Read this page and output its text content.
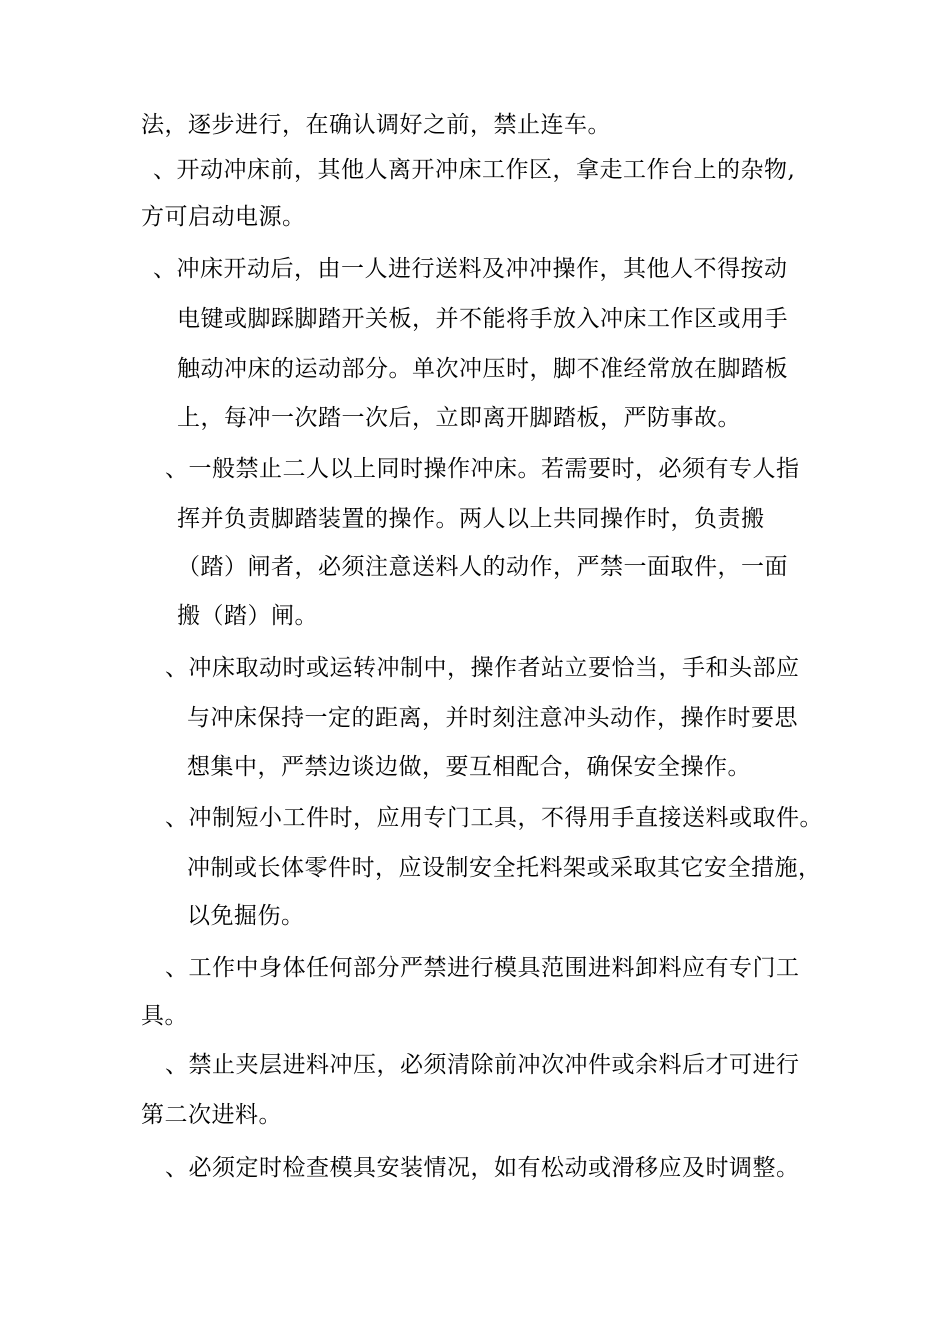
法，逐步进行，在确认调好之前，禁止连车。
、开动冲床前，其他人离开冲床工作区，拿走工作台上的杂物,
方可启动电源。
、冲床开动后，由一人进行送料及冲冲操作，其他人不得按动
电键或脚踩脚踏开关板，并不能将手放入冲床工作区或用手
触动冲床的运动部分。单次冲压时，脚不准经常放在脚踏板
上，每冲一次踏一次后，立即离开脚踏板，严防事故。
、一般禁止二人以上同时操作冲床。若需要时，必须有专人指
挥并负责脚踏装置的操作。两人以上共同操作时，负责搬
（踏）闸者，必须注意送料人的动作，严禁一面取件，一面
搬（踏）闸。
、冲床取动时或运转冲制中，操作者站立要恰当，手和头部应
与冲床保持一定的距离，并时刻注意冲头动作，操作时要思
想集中，严禁边谈边做，要互相配合，确保安全操作。
、冲制短小工件时，应用专门工具，不得用手直接送料或取件。
冲制或长体零件时，应设制安全托料架或采取其它安全措施，
以免掘伤。
、工作中身体任何部分严禁进行模具范围进料卸料应有专门工
具。
、禁止夹层进料冲压，必须清除前冲次冲件或余料后才可进行
第二次进料。
、必须定时检查模具安装情况，如有松动或滑移应及时调整。
